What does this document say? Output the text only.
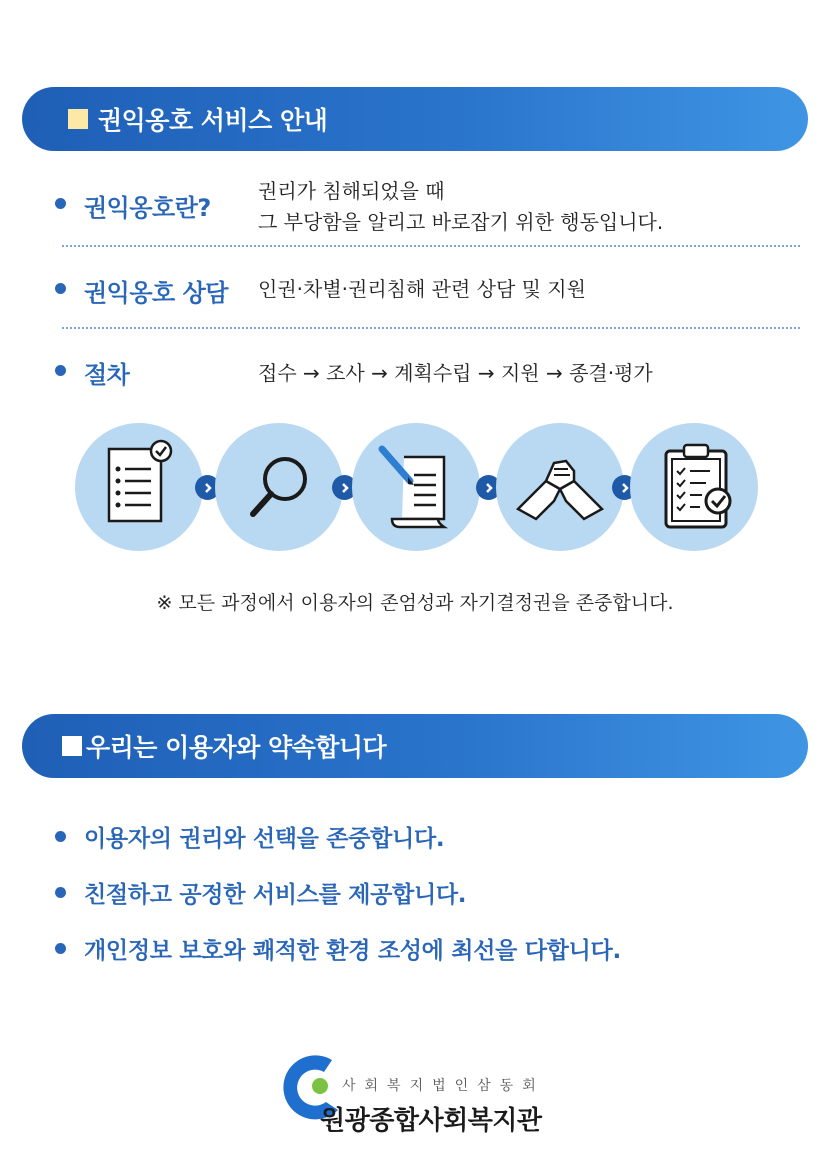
권익옹호 서비스 안내
권익옹호란?
권리가 침해되었을 때
그 부당함을 알리고 바로잡기 위한 행동입니다.
권익옹호 상담 인권·차별·권리침해 관련 상담 및 지원
절차	접수 → 조사 → 계획수립 → 지원 → 종결·평가
※ 모든 과정에서 이용자의 존엄성과 자기결정권을 존중합니다.
우리는 이용자와 약속합니다
이용자의 권리와 선택을 존중합니다.
친절하고 공정한 서비스를 제공합니다.
개인정보 보호와 쾌적한 환경 조성에 최선을 다합니다.
사회복지법인삼동회
원광종합사회복지관
